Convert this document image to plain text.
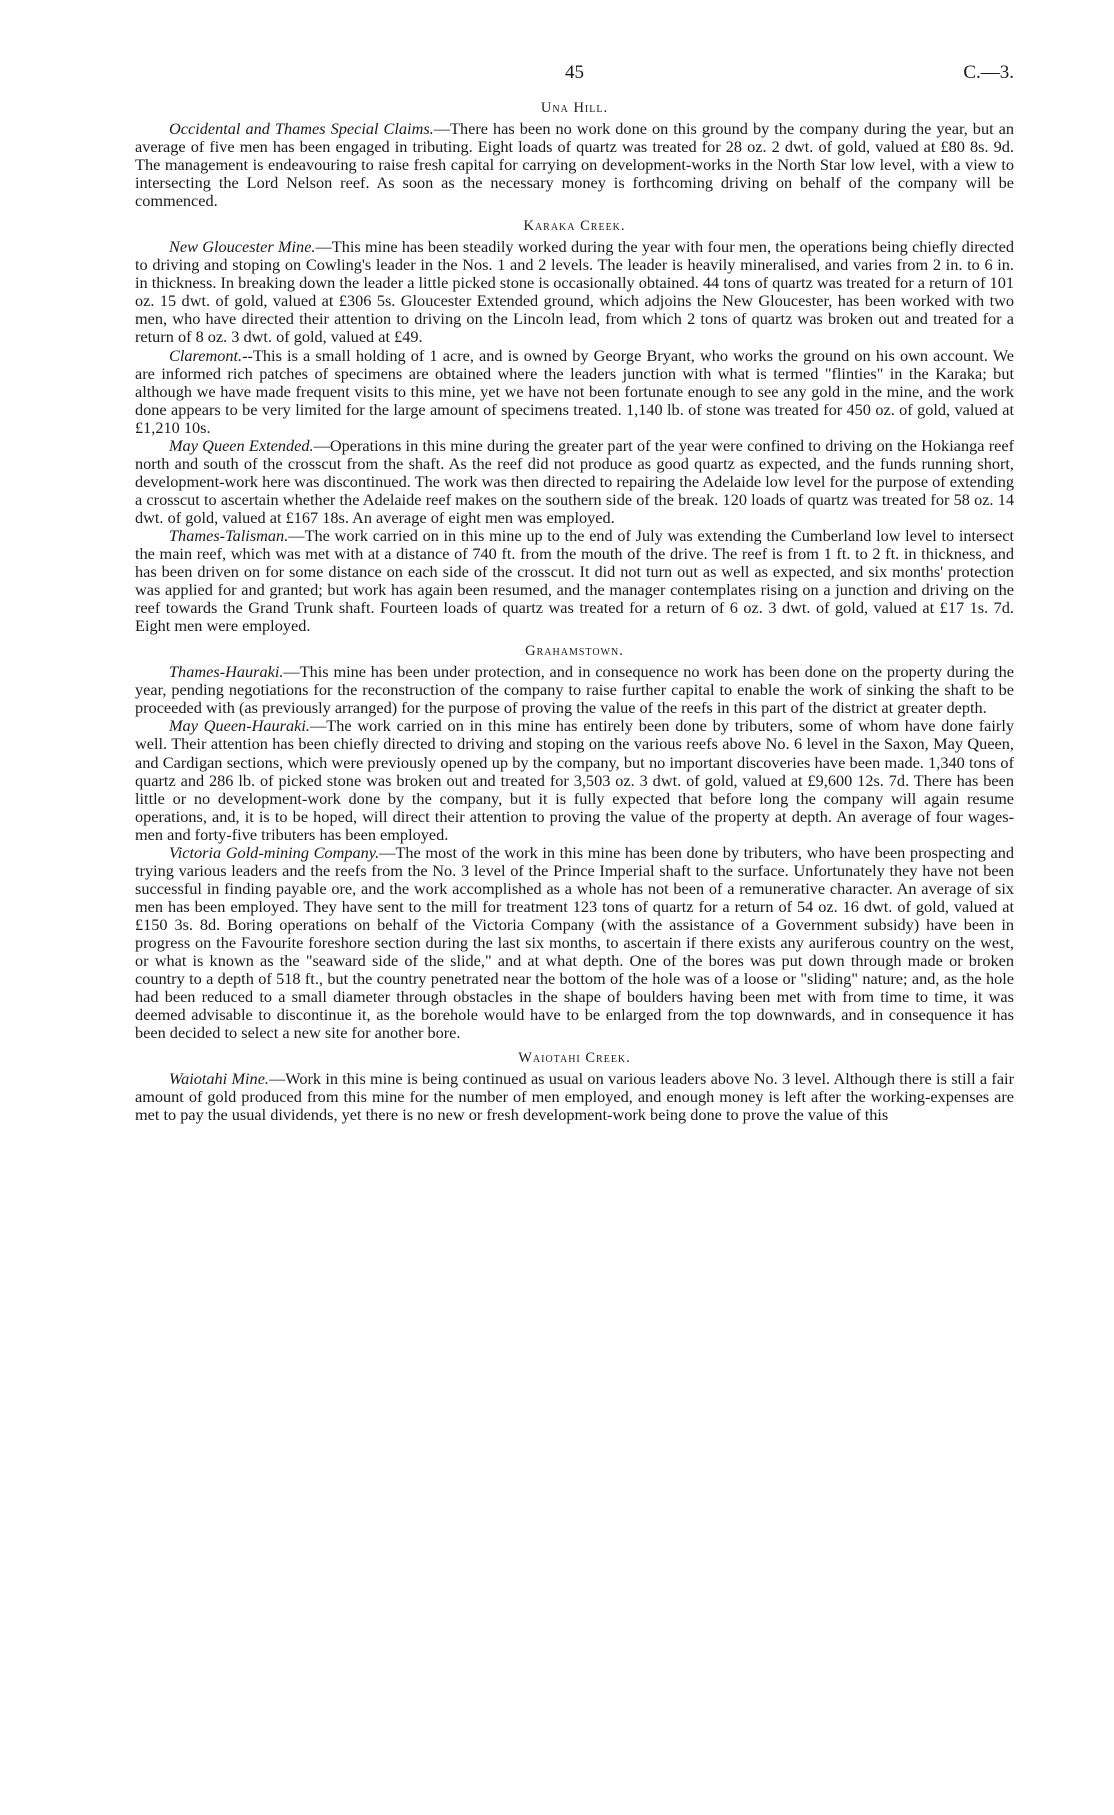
45	C.—3.
Una Hill.

Occidental and Thames Special Claims.—There has been no work done on this ground by the company during the year, but an average of five men has been engaged in tributing. Eight loads of quartz was treated for 28 oz. 2 dwt. of gold, valued at £80 8s. 9d. The management is endeavouring to raise fresh capital for carrying on development-works in the North Star low level, with a view to intersecting the Lord Nelson reef. As soon as the necessary money is forthcoming driving on behalf of the company will be commenced.

Karaka Creek.

New Gloucester Mine.—This mine has been steadily worked during the year with four men, the operations being chiefly directed to driving and stoping on Cowling's leader in the Nos. 1 and 2 levels. The leader is heavily mineralised, and varies from 2 in. to 6 in. in thickness. In breaking down the leader a little picked stone is occasionally obtained. 44 tons of quartz was treated for a return of 101 oz. 15 dwt. of gold, valued at £306 5s. Gloucester Extended ground, which adjoins the New Gloucester, has been worked with two men, who have directed their attention to driving on the Lincoln lead, from which 2 tons of quartz was broken out and treated for a return of 8 oz. 3 dwt. of gold, valued at £49.

Claremont.--This is a small holding of 1 acre, and is owned by George Bryant, who works the ground on his own account. We are informed rich patches of specimens are obtained where the leaders junction with what is termed "flinties" in the Karaka; but although we have made frequent visits to this mine, yet we have not been fortunate enough to see any gold in the mine, and the work done appears to be very limited for the large amount of specimens treated. 1,140 lb. of stone was treated for 450 oz. of gold, valued at £1,210 10s.

May Queen Extended.—Operations in this mine during the greater part of the year were confined to driving on the Hokianga reef north and south of the crosscut from the shaft. As the reef did not produce as good quartz as expected, and the funds running short, development-work here was discontinued. The work was then directed to repairing the Adelaide low level for the purpose of extending a crosscut to ascertain whether the Adelaide reef makes on the southern side of the break. 120 loads of quartz was treated for 58 oz. 14 dwt. of gold, valued at £167 18s. An average of eight men was employed.

Thames-Talisman.—The work carried on in this mine up to the end of July was extending the Cumberland low level to intersect the main reef, which was met with at a distance of 740 ft. from the mouth of the drive. The reef is from 1 ft. to 2 ft. in thickness, and has been driven on for some distance on each side of the crosscut. It did not turn out as well as expected, and six months' protection was applied for and granted; but work has again been resumed, and the manager contemplates rising on a junction and driving on the reef towards the Grand Trunk shaft. Fourteen loads of quartz was treated for a return of 6 oz. 3 dwt. of gold, valued at £17 1s. 7d. Eight men were employed.

Grahamstown.

Thames-Hauraki.—This mine has been under protection, and in consequence no work has been done on the property during the year, pending negotiations for the reconstruction of the company to raise further capital to enable the work of sinking the shaft to be proceeded with (as previously arranged) for the purpose of proving the value of the reefs in this part of the district at greater depth.

May Queen-Hauraki.—The work carried on in this mine has entirely been done by tributers, some of whom have done fairly well. Their attention has been chiefly directed to driving and stoping on the various reefs above No. 6 level in the Saxon, May Queen, and Cardigan sections, which were previously opened up by the company, but no important discoveries have been made. 1,340 tons of quartz and 286 lb. of picked stone was broken out and treated for 3,503 oz. 3 dwt. of gold, valued at £9,600 12s. 7d. There has been little or no development-work done by the company, but it is fully expected that before long the company will again resume operations, and, it is to be hoped, will direct their attention to proving the value of the property at depth. An average of four wages-men and forty-five tributers has been employed.

Victoria Gold-mining Company.—The most of the work in this mine has been done by tributers, who have been prospecting and trying various leaders and the reefs from the No. 3 level of the Prince Imperial shaft to the surface. Unfortunately they have not been successful in finding payable ore, and the work accomplished as a whole has not been of a remunerative character. An average of six men has been employed. They have sent to the mill for treatment 123 tons of quartz for a return of 54 oz. 16 dwt. of gold, valued at £150 3s. 8d. Boring operations on behalf of the Victoria Company (with the assistance of a Government subsidy) have been in progress on the Favourite foreshore section during the last six months, to ascertain if there exists any auriferous country on the west, or what is known as the "seaward side of the slide," and at what depth. One of the bores was put down through made or broken country to a depth of 518 ft., but the country penetrated near the bottom of the hole was of a loose or "sliding" nature; and, as the hole had been reduced to a small diameter through obstacles in the shape of boulders having been met with from time to time, it was deemed advisable to discontinue it, as the borehole would have to be enlarged from the top downwards, and in consequence it has been decided to select a new site for another bore.

Waiotahi Creek.

Waiotahi Mine.—Work in this mine is being continued as usual on various leaders above No. 3 level. Although there is still a fair amount of gold produced from this mine for the number of men employed, and enough money is left after the working-expenses are met to pay the usual dividends, yet there is no new or fresh development-work being done to prove the value of this
